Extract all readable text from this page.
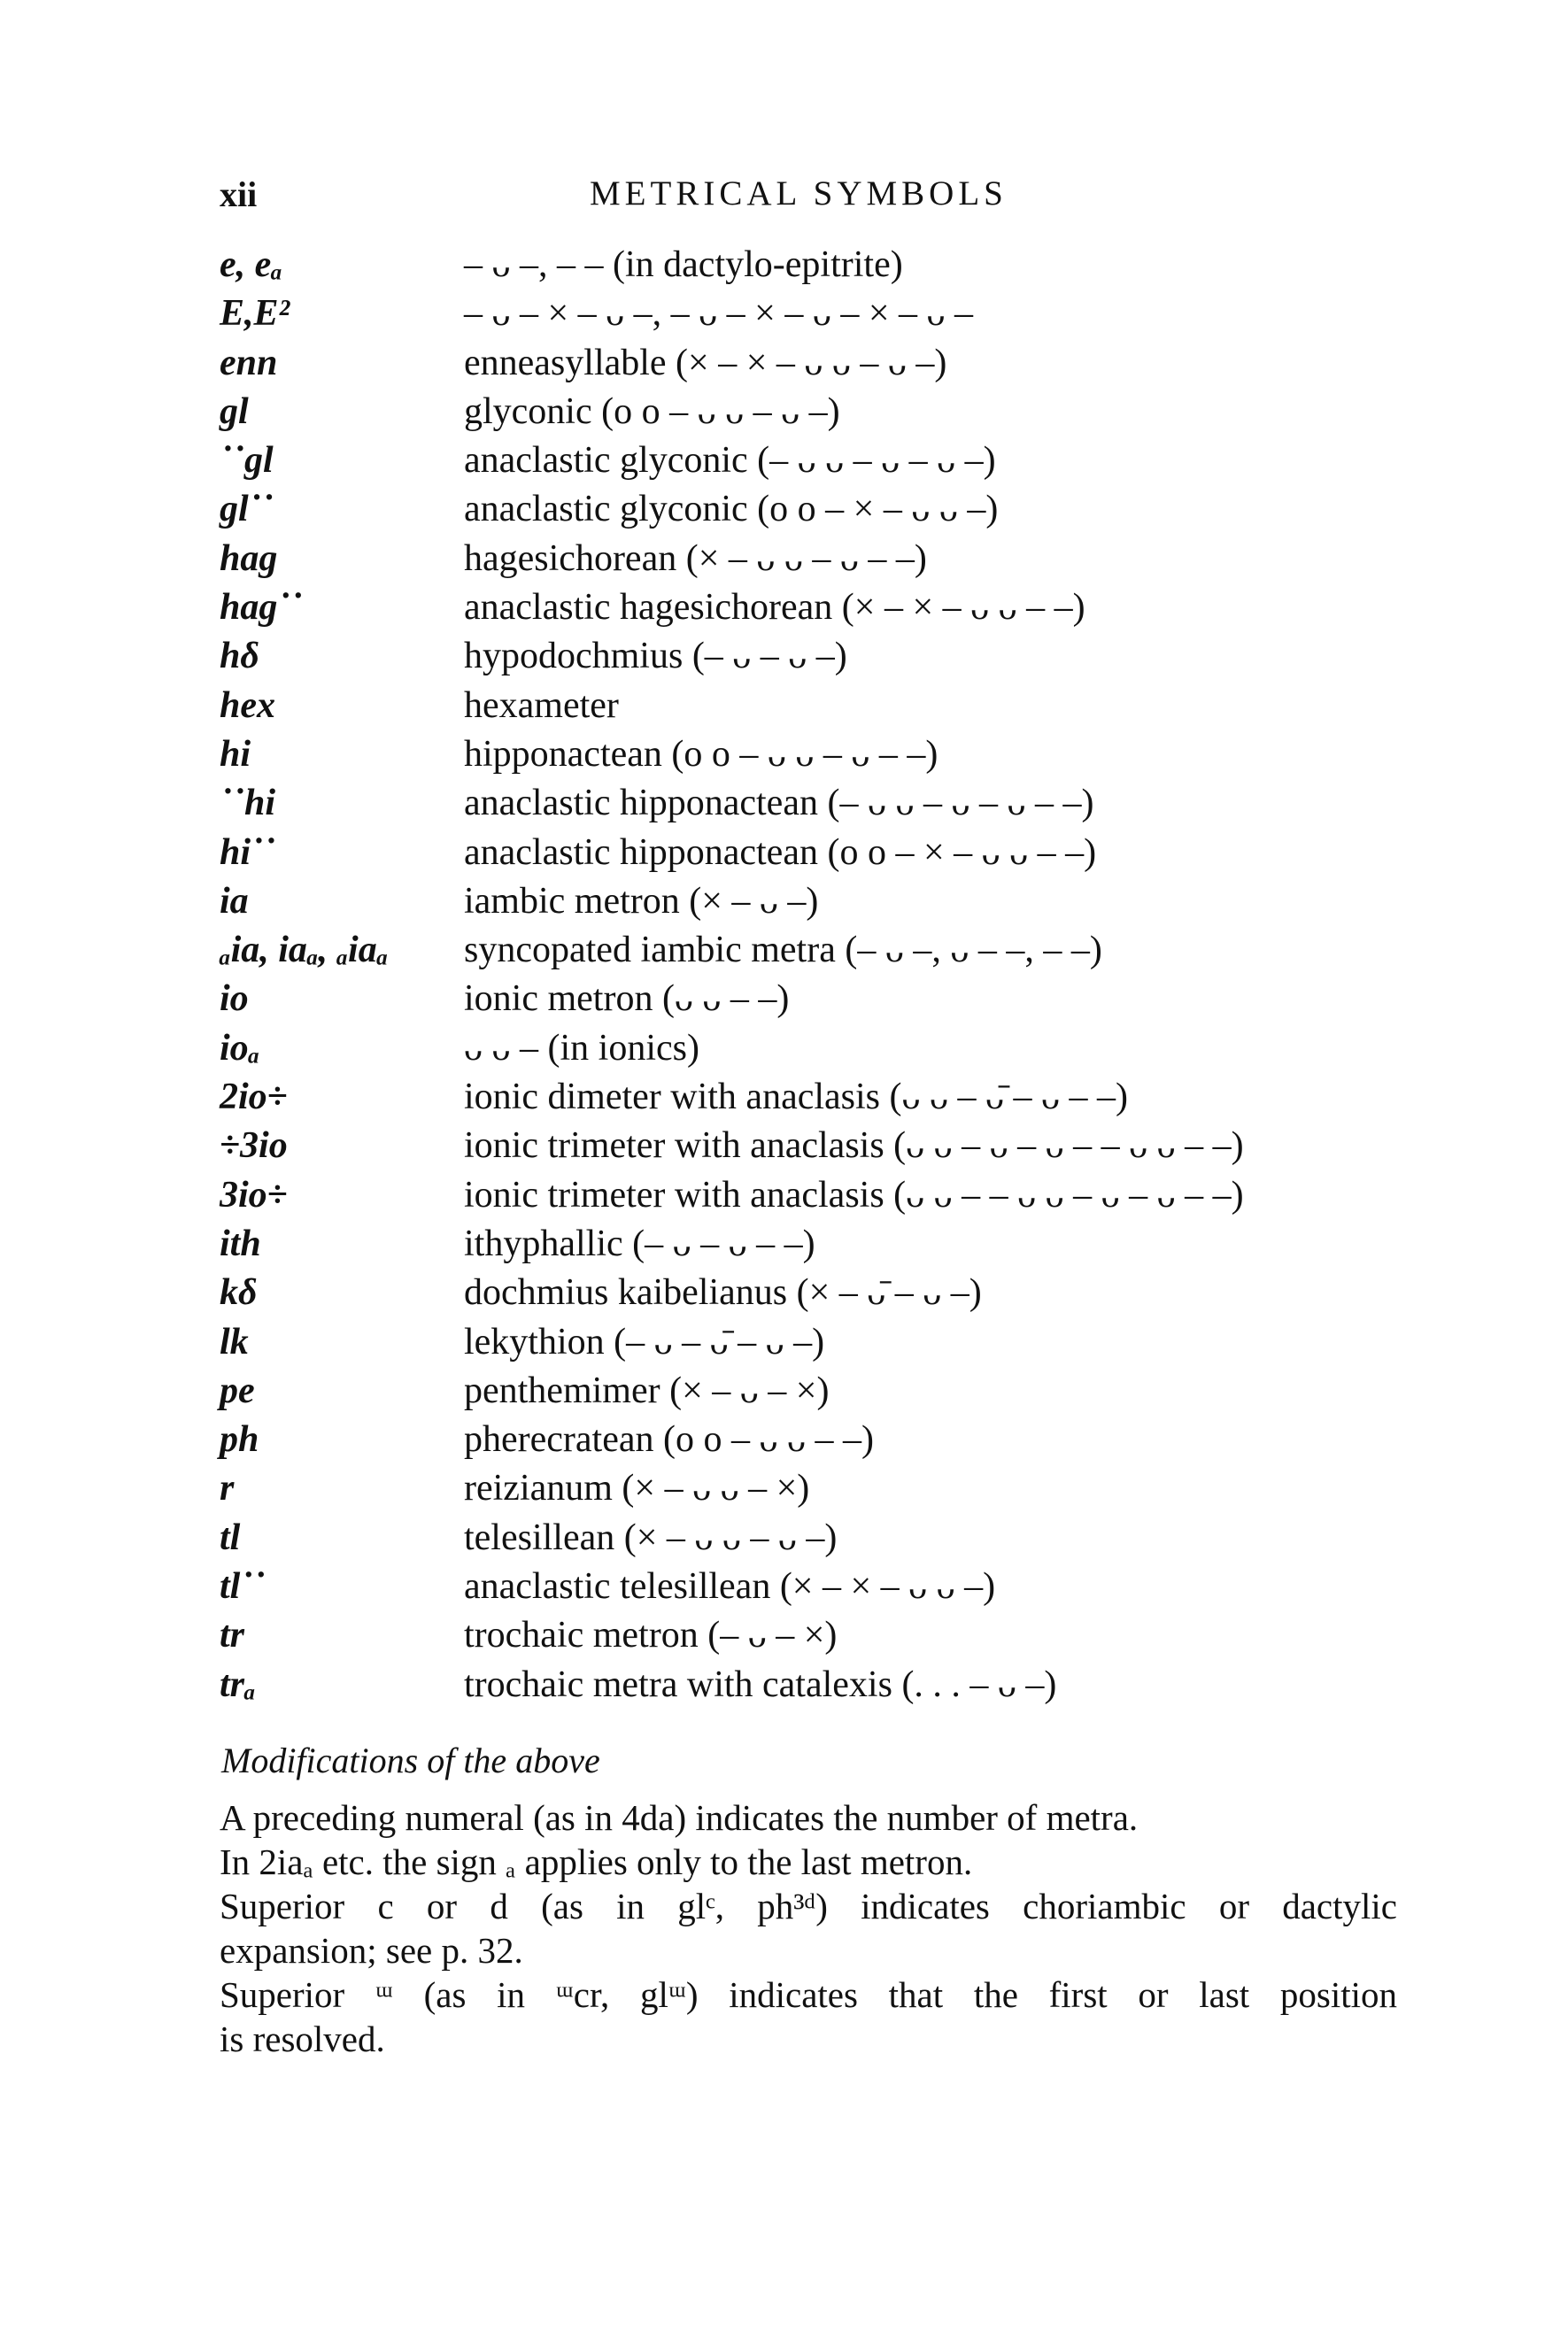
xii	METRICAL SYMBOLS
e, eₐ	– ᴗ –, – – (in dactylo-epitrite)
E,E²	– ᴗ – × – ᴗ –, – ᴗ – × – ᴗ – × – ᴗ –
enn	enneasyllable (× – × – ᴗ ᴗ – ᴗ –)
gl	glyconic (o o – ᴗ ᴗ – ᴗ –)
˙˙gl	anaclastic glyconic (– ᴗ ᴗ – ᴗ – ᴗ –)
gl˙˙	anaclastic glyconic (o o – × – ᴗ ᴗ –)
hag	hagesichorean (× – ᴗ ᴗ – ᴗ – –)
hag˙˙	anaclastic hagesichorean (× – × – ᴗ ᴗ – –)
hδ	hypodochmius (– ᴗ – ᴗ –)
hex	hexameter
hi	hipponactean (o o – ᴗ ᴗ – ᴗ – –)
˙˙hi	anaclastic hipponactean (– ᴗ ᴗ – ᴗ – ᴗ – –)
hi˙˙	anaclastic hipponactean (o o – × – ᴗ ᴗ – –)
ia	iambic metron (× – ᴗ –)
ₐia, iaₐ, ₐiaₐ syncopated iambic metra (– ᴗ –, ᴗ – –, – –)
io	ionic metron (ᴗ ᴗ – –)
ioₐ	ᴗ ᴗ – (in ionics)
2io÷	ionic dimeter with anaclasis (ᴗ ᴗ – ᴗ̄ – ᴗ – –)
÷3io	ionic trimeter with anaclasis (ᴗ ᴗ – ᴗ – ᴗ – – ᴗ ᴗ – –)
3io÷	ionic trimeter with anaclasis (ᴗ ᴗ – – ᴗ ᴗ – ᴗ – ᴗ – –)
ith	ithyphallic (– ᴗ – ᴗ – –)
kδ	dochmius kaibelianus (× – ᴗ̄ – ᴗ –)
lk	lekythion (– ᴗ – ᴗ̄ – ᴗ –)
pe	penthemimer (× – ᴗ – ×)
ph	pherecratean (o o – ᴗ ᴗ – –)
r	reizianum (× – ᴗ ᴗ – ×)
tl	telesillean (× – ᴗ ᴗ – ᴗ –)
tl˙˙	anaclastic telesillean (× – × – ᴗ ᴗ –)
tr	trochaic metron (– ᴗ – ×)
trₐ	trochaic metra with catalexis (. . . – ᴗ –)
Modifications of the above
A preceding numeral (as in 4da) indicates the number of metra.
In 2iaₐ etc. the sign ₐ applies only to the last metron.
Superior c or d (as in glᶜ, ph³ᵈ) indicates choriambic or dactylic
expansion; see p. 32.
Superior ᵚ (as in ᵚcr, glᵚ) indicates that the first or last position
is resolved.
